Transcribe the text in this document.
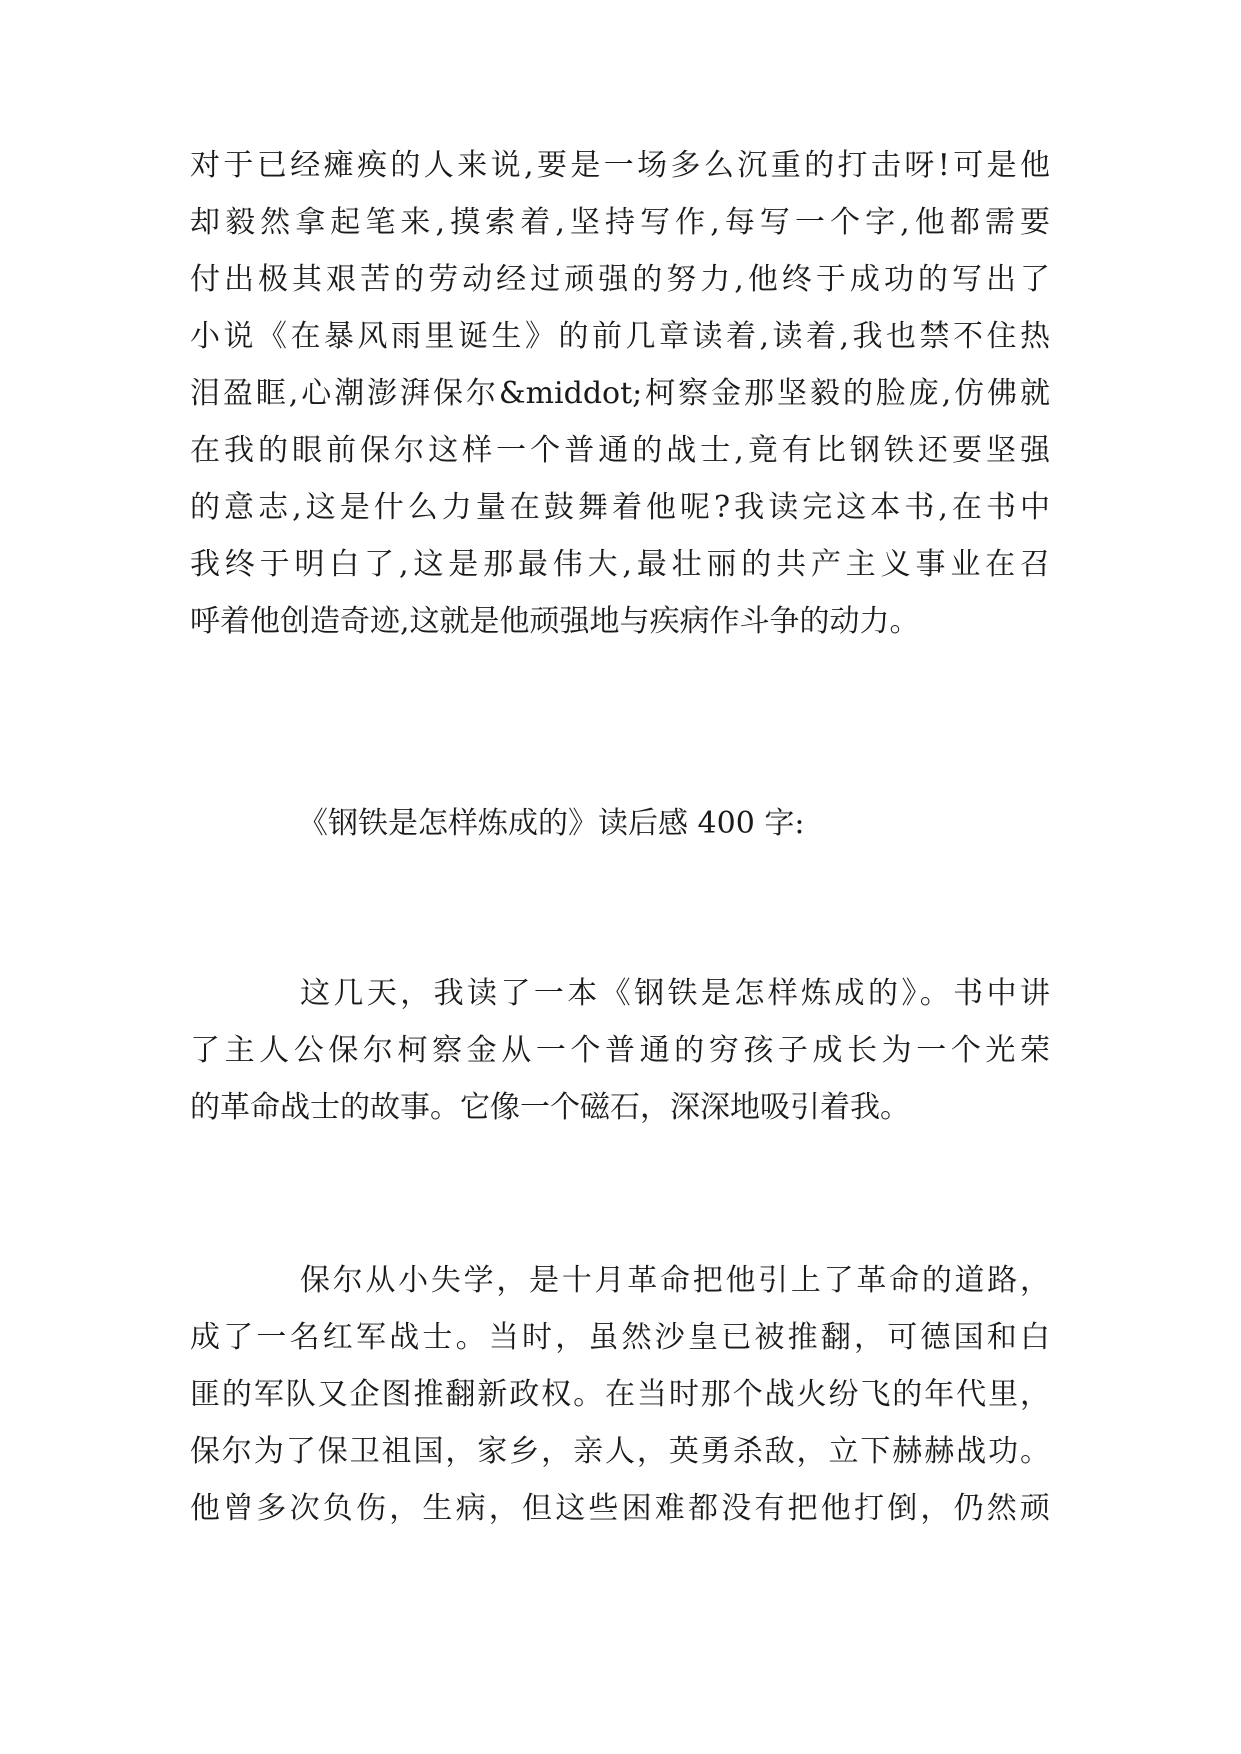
对于已经瘫痪的人来说,要是一场多么沉重的打击呀!可是他
却毅然拿起笔来,摸索着,坚持写作,每写一个字,他都需要
付出极其艰苦的劳动经过顽强的努力,他终于成功的写出了
小说《在暴风雨里诞生》的前几章读着,读着,我也禁不住热
泪盈眶,心潮澎湃保尔&middot;柯察金那坚毅的脸庞,仿佛就
在我的眼前保尔这样一个普通的战士,竟有比钢铁还要坚强
的意志,这是什么力量在鼓舞着他呢?我读完这本书,在书中
我终于明白了,这是那最伟大,最壮丽的共产主义事业在召
呼着他创造奇迹,这就是他顽强地与疾病作斗争的动力。
《钢铁是怎样炼成的》读后感 400 字:
这几天，我读了一本《钢铁是怎样炼成的》。书中讲
了主人公保尔柯察金从一个普通的穷孩子成长为一个光荣
的革命战士的故事。它像一个磁石，深深地吸引着我。
保尔从小失学，是十月革命把他引上了革命的道路，
成了一名红军战士。当时，虽然沙皇已被推翻，可德国和白
匪的军队又企图推翻新政权。在当时那个战火纷飞的年代里，
保尔为了保卫祖国，家乡，亲人，英勇杀敌，立下赫赫战功。
他曾多次负伤，生病，但这些困难都没有把他打倒，仍然顽
